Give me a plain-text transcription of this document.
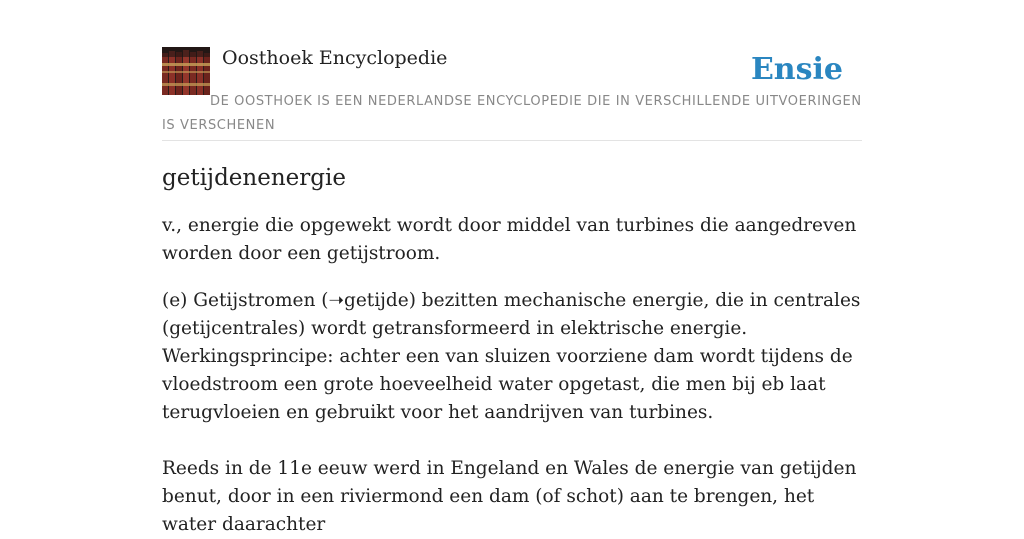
Oosthoek Encyclopedie	Ensie
DE OOSTHOEK IS EEN NEDERLANDSE ENCYCLOPEDIE DIE IN VERSCHILLENDE UITVOERINGEN IS VERSCHENEN
getijdenenergie

v., energie die opgewekt wordt door middel van turbines die aangedreven worden door een getijstroom.

(e) Getijstromen (➝getijde) bezitten mechanische energie, die in centrales (getijcentrales) wordt getransformeerd in elektrische energie. Werkingsprincipe: achter een van sluizen voorziene dam wordt tijdens de vloedstroom een grote hoeveelheid water opgetast, die men bij eb laat terugvloeien en gebruikt voor het aandrijven van turbines.

Reeds in de 11e eeuw werd in Engeland en Wales de energie van getijden benut, door in een riviermond een dam (of schot) aan te brengen, het water daarachter
